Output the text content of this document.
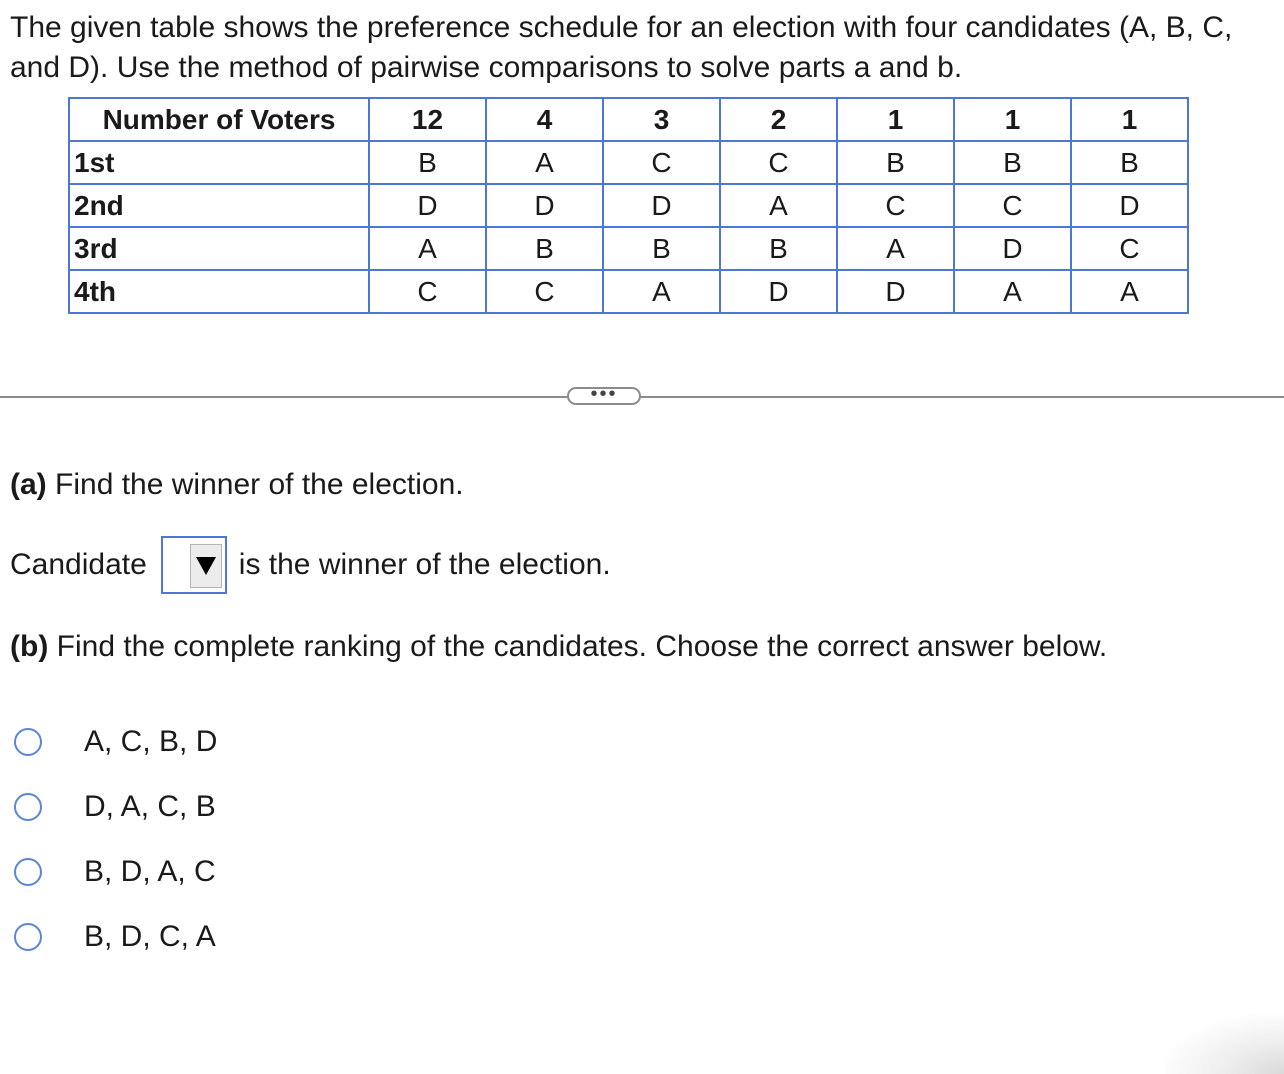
The given table shows the preference schedule for an election with four candidates (A, B, C, and D). Use the method of pairwise comparisons to solve parts a and b.

Number of Voters	12	4	3	2	1	1	1
1st	B	A	C	C	B	B	B
2nd	D	D	D	A	C	C	D
3rd	A	B	B	B	A	D	C
4th	C	C	A	D	D	A	A
•••

(a) Find the winner of the election.

Candidate	is the winner of the election.

(b) Find the complete ranking of the candidates. Choose the correct answer below.

A, C, B, D
D, A, C, B
B, D, A, C
B, D, C, A
